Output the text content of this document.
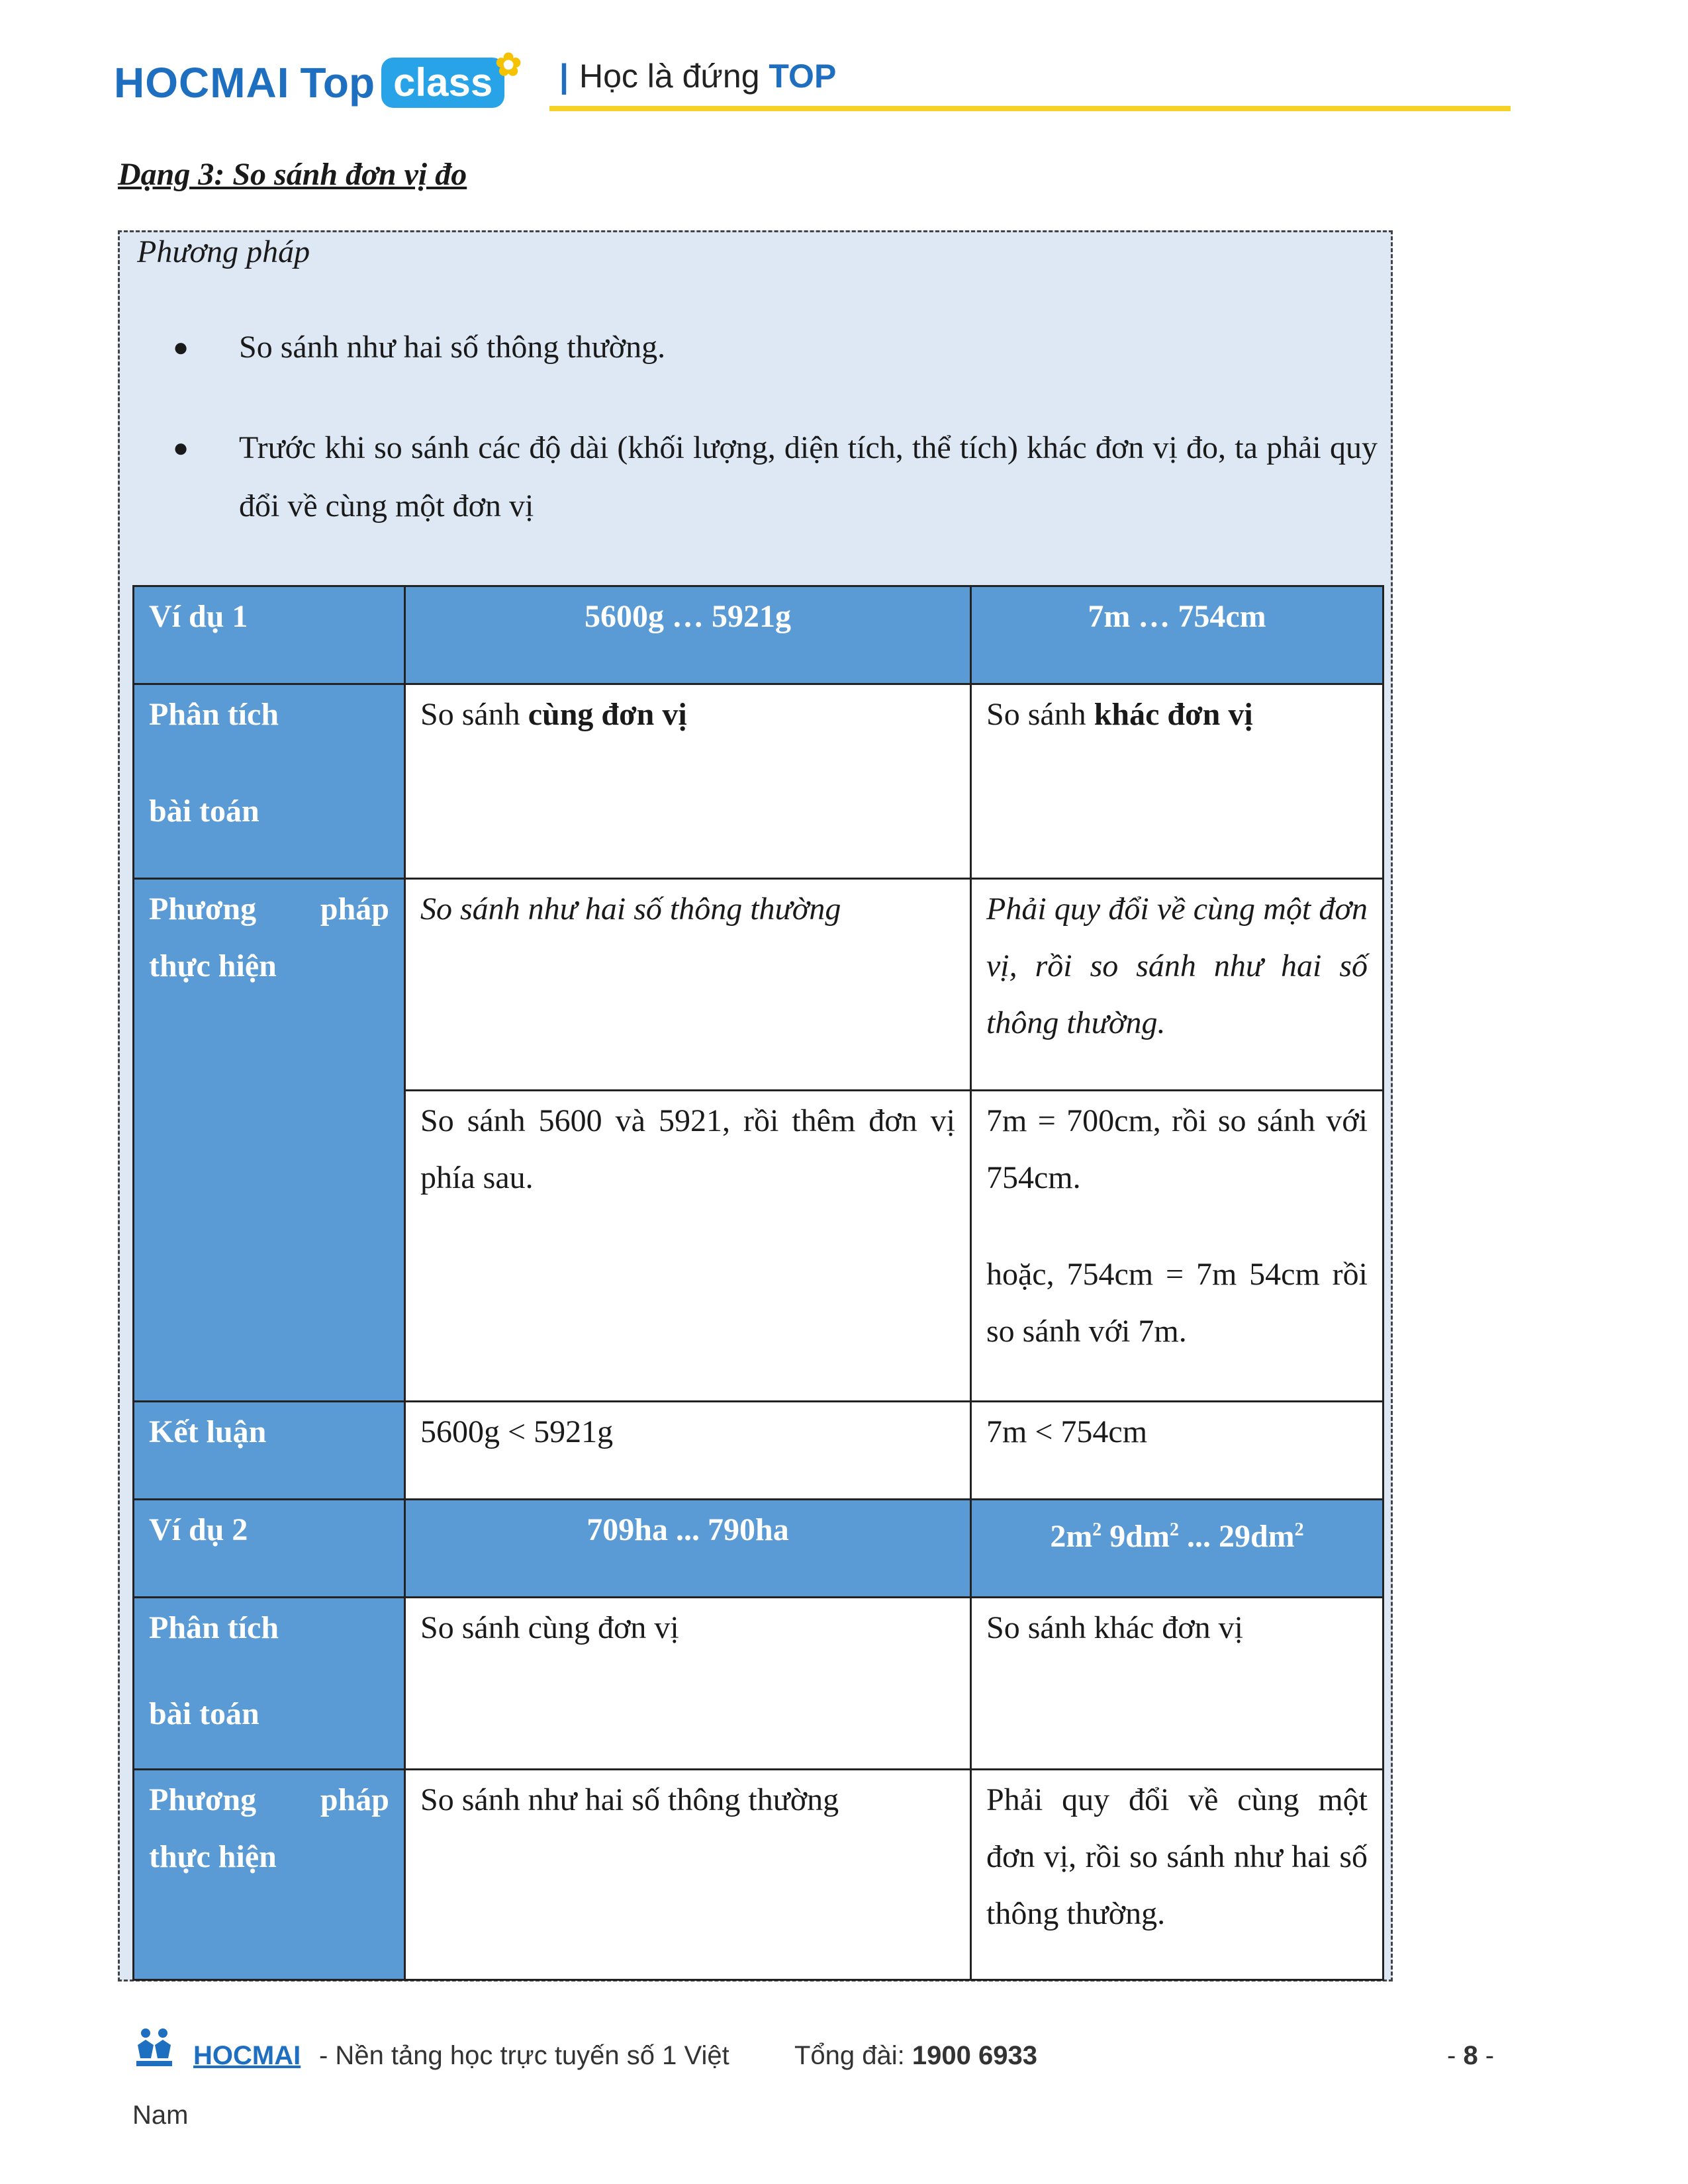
HOCMAI Top class ✿ | Học là đứng TOP
Dạng 3: So sánh đơn vị đo
Phương pháp
● So sánh như hai số thông thường.
● Trước khi so sánh các độ dài (khối lượng, diện tích, thể tích) khác đơn vị đo, ta phải quy đổi về cùng một đơn vị
Ví dụ 1	5600g … 5921g	7m … 754cm

Phân tích
bài toán	So sánh cùng đơn vị	So sánh khác đơn vị

Phương pháp
thực hiện	So sánh như hai số thông thường	Phải quy đổi về cùng một đơn vị, rồi so sánh như hai số thông thường.
	So sánh 5600 và 5921, rồi thêm đơn vị phía sau.	7m = 700cm, rồi so sánh với 754cm.
hoặc, 754cm = 7m 54cm rồi so sánh với 7m.

Kết luận	5600g < 5921g	7m < 754cm
Ví dụ 2	709ha ... 790ha	$2m^2$ $9dm^2$ ... $29dm^2$

Phân tích
bài toán	So sánh cùng đơn vị	So sánh khác đơn vị

Phương pháp
thực hiện	So sánh như hai số thông thường	Phải quy đổi về cùng một đơn vị, rồi so sánh như hai số thông thường.
HOCMAI - Nền tảng học trực tuyến số 1 Việt Tổng đài: 1900 6933
Nam
- 8 -
